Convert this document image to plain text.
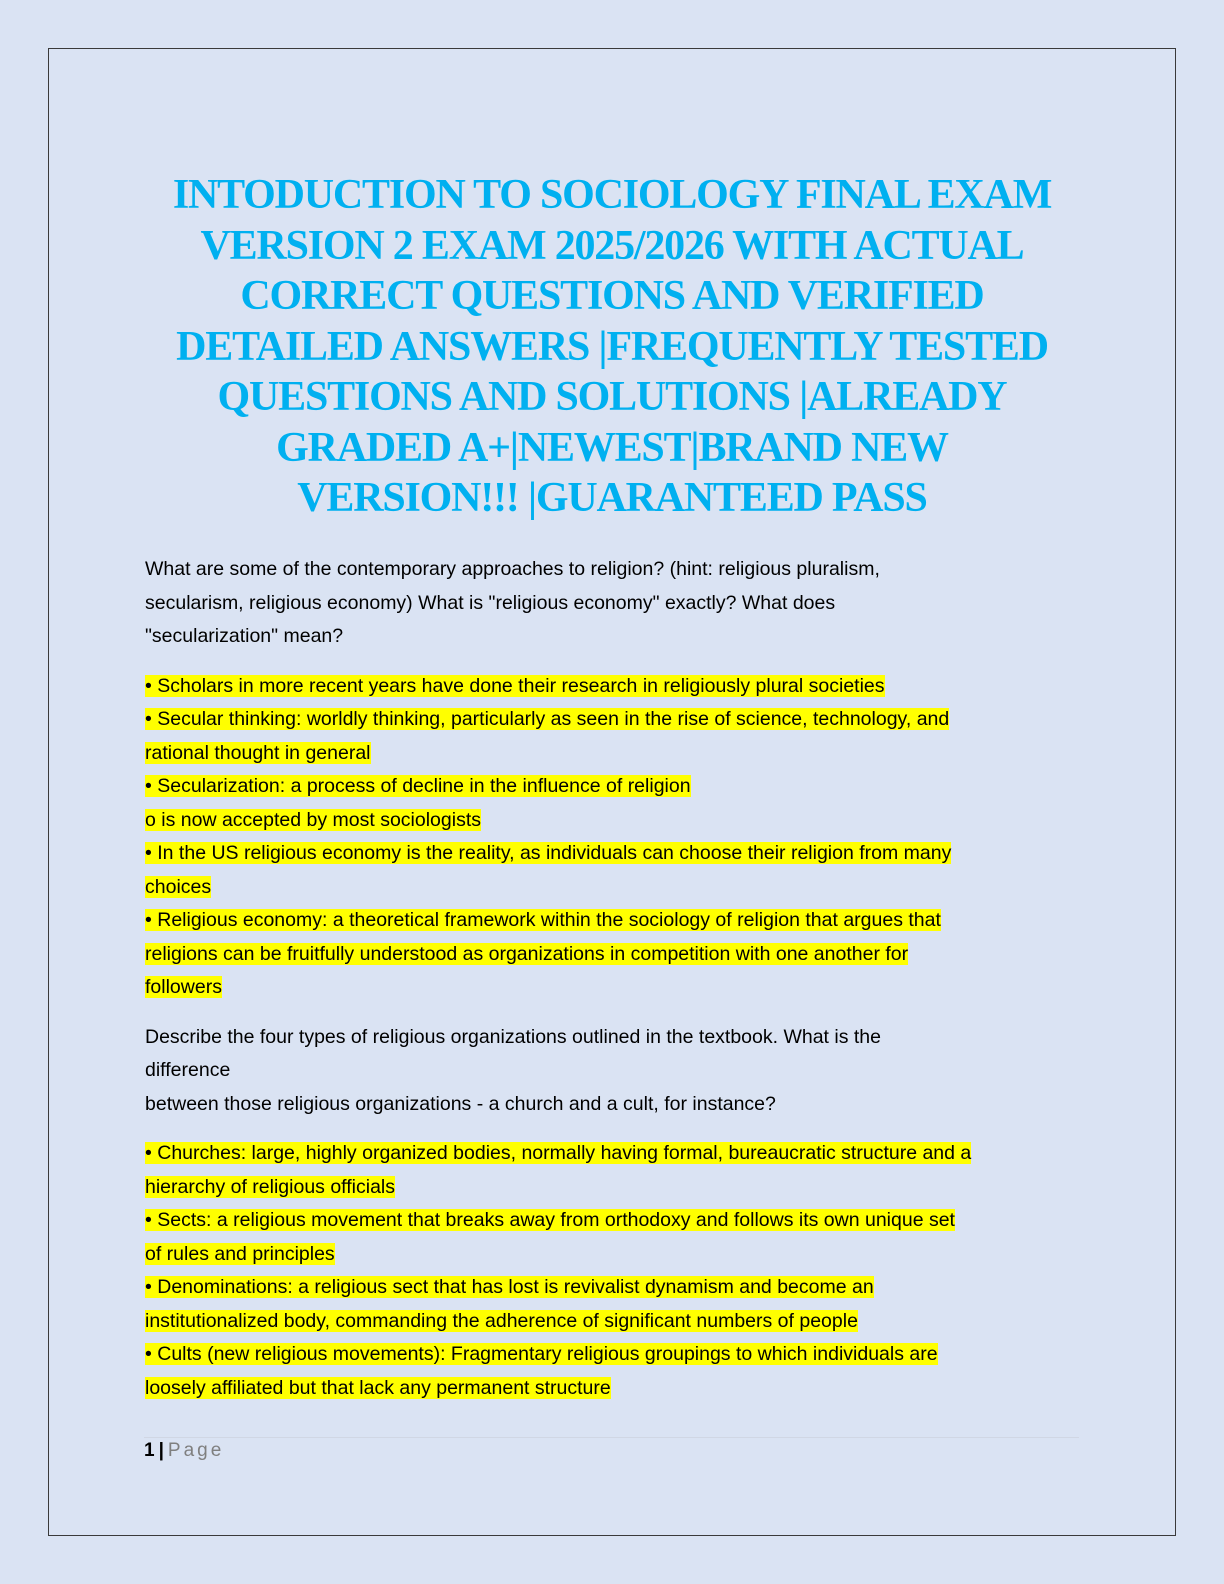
INTODUCTION TO SOCIOLOGY FINAL EXAM
VERSION 2 EXAM 2025/2026 WITH ACTUAL
CORRECT QUESTIONS AND VERIFIED
DETAILED ANSWERS |FREQUENTLY TESTED
QUESTIONS AND SOLUTIONS |ALREADY
GRADED A+|NEWEST|BRAND NEW
VERSION!!! |GUARANTEED PASS

What are some of the contemporary approaches to religion? (hint: religious pluralism,
secularism, religious economy) What is "religious economy" exactly? What does
"secularization" mean?

• Scholars in more recent years have done their research in religiously plural societies
• Secular thinking: worldly thinking, particularly as seen in the rise of science, technology, and
rational thought in general
• Secularization: a process of decline in the influence of religion
o is now accepted by most sociologists
• In the US religious economy is the reality, as individuals can choose their religion from many
choices
• Religious economy: a theoretical framework within the sociology of religion that argues that
religions can be fruitfully understood as organizations in competition with one another for
followers

Describe the four types of religious organizations outlined in the textbook. What is the
difference
between those religious organizations - a church and a cult, for instance?

• Churches: large, highly organized bodies, normally having formal, bureaucratic structure and a
hierarchy of religious officials
• Sects: a religious movement that breaks away from orthodoxy and follows its own unique set
of rules and principles
• Denominations: a religious sect that has lost is revivalist dynamism and become an
institutionalized body, commanding the adherence of significant numbers of people
• Cults (new religious movements): Fragmentary religious groupings to which individuals are
loosely affiliated but that lack any permanent structure

1 | Page
